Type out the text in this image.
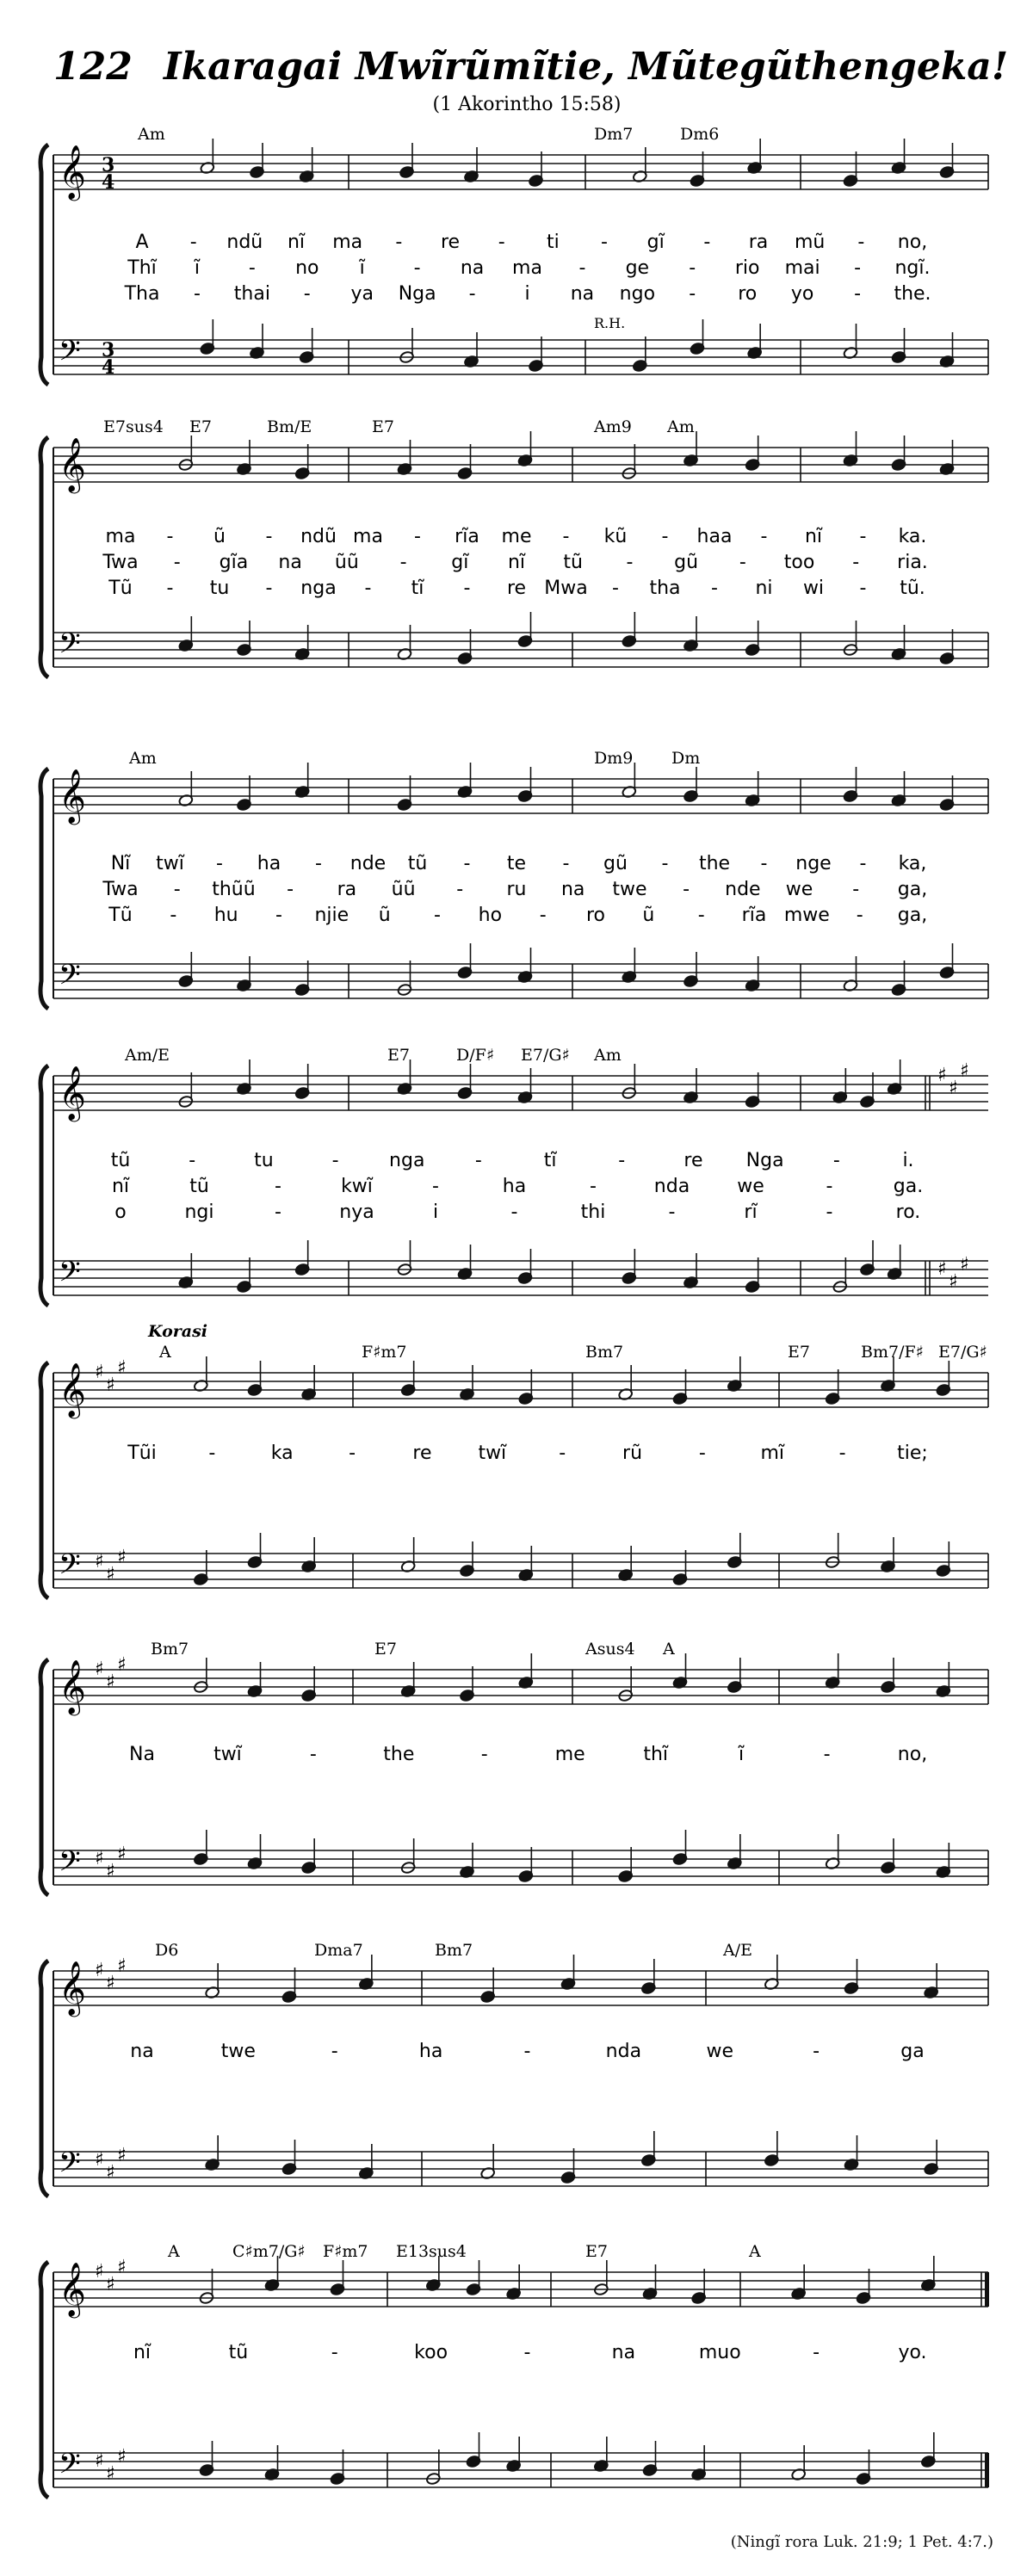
122 Ikaragai Mwĩrũmĩtie, Mũtegũthengeka!
(1 Akorintho 15:58)
𝄞
𝄢
3
4
3
4
Am	Dm7	Dm6
R.H.
A - ndũ nĩ ma - re - ti - gĩ - ra mũ - no,
Thĩ ĩ	- no ĩ	- na ma - ge - rio mai - ngĩ.
Tha - thai - ya Nga -	i na ngo - ro yo - the.
𝄞
𝄢
E7sus4 E7	Bm/E	E7	Am9 Am
ma - ũ - ndũ ma - rĩa me - kũ - haa - nĩ - ka.
Twa - gĩa na ũũ - gĩ nĩ tũ - gũ - too - ria.
Tũ - tu - nga - tĩ - re Mwa - tha - ni wi - tũ.
𝄞
𝄢
Am	Dm9 Dm
Nĩ twĩ - ha - nde tũ - te - gũ - the - nge - ka,
Twa - thũũ - ra ũũ - ru na twe - nde we - ga,
Tũ - hu - njie ũ - ho - ro ũ - rĩa mwe - ga,
𝄞
𝄢
♯
♯
♯
♯
♯
♯
Am/E	E7	D/F♯ E7/G♯ Am
tũ	-	tu	-	nga	-	tĩ	-	re Nga	-	i.
nĩ	tũ	-	kwĩ	-	ha	-	nda	we	-	ga.
o	ngi	-	nya	i	-	thi	-	rĩ	-	ro.
𝄞
𝄢
♯
♯
♯
♯
♯
♯
A	F♯m7	Bm7	E7	Bm7/F♯ E7/G♯
Korasi
Tũi	-	ka	-	re twĩ	-	rũ	-	mĩ	-	tie;
𝄞
𝄢
♯
♯
♯
♯
♯
♯
Bm7	E7	Asus4 A
Na	twĩ	-	the	-	me	thĩ	ĩ	-	no,
𝄞
𝄢
♯
♯
♯
♯
♯
♯
D6	Dma7	Bm7	A/E
na	twe	-	ha	-	nda	we	-	ga
𝄞
𝄢
♯
♯
♯
♯
♯
♯
A	C♯m7/G♯ F♯m7 E13sus4	E7	A
nĩ	tũ	-	koo	-	na	muo	-	yo.
(Ningĩ rora Luk. 21:9; 1 Pet. 4:7.)
